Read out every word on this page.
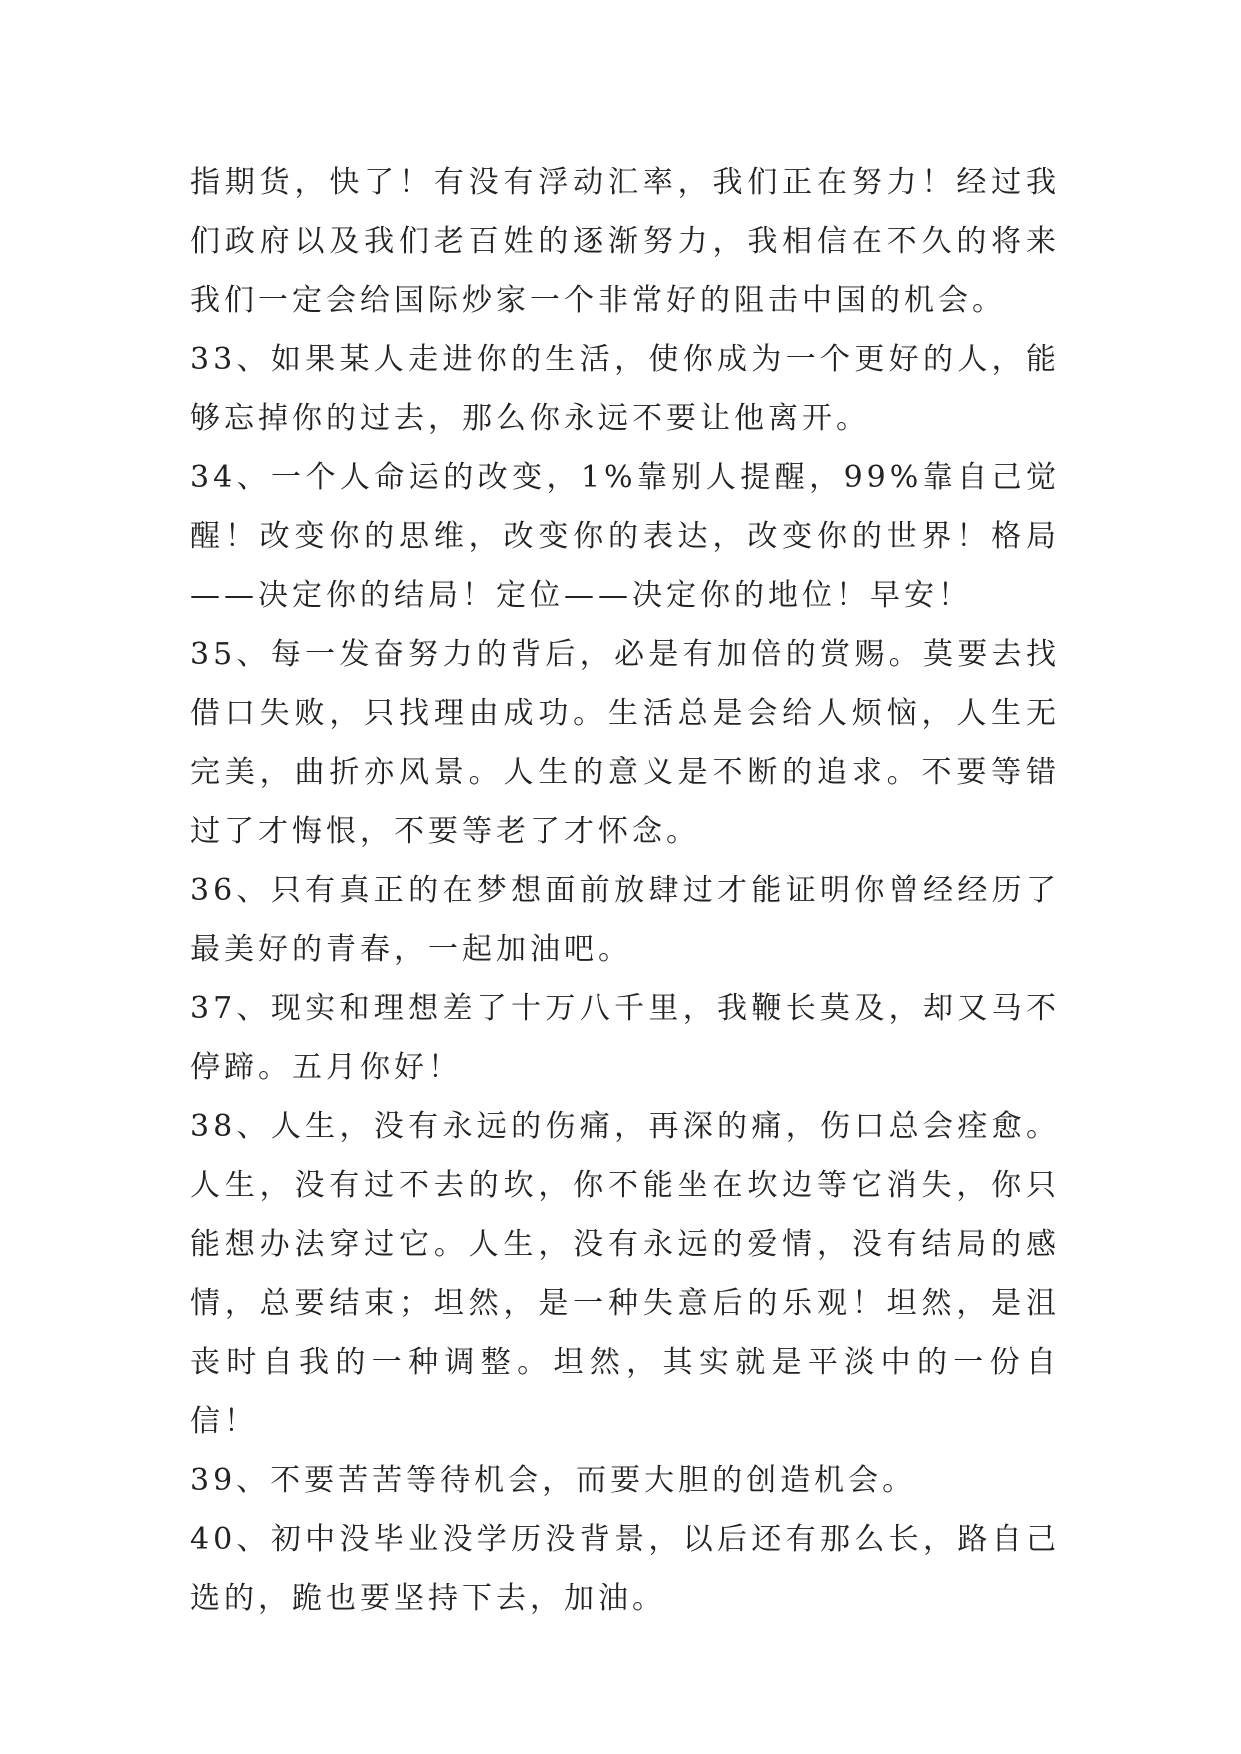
指期货，快了！有没有浮动汇率，我们正在努力！经过我们政府以及我们老百姓的逐渐努力，我相信在不久的将来我们一定会给国际炒家一个非常好的阻击中国的机会。

33、如果某人走进你的生活，使你成为一个更好的人，能够忘掉你的过去，那么你永远不要让他离开。

34、一个人命运的改变，1%靠别人提醒，99%靠自己觉醒！改变你的思维，改变你的表达，改变你的世界！格局——决定你的结局！定位——决定你的地位！早安！

35、每一发奋努力的背后，必是有加倍的赏赐。莫要去找借口失败，只找理由成功。生活总是会给人烦恼，人生无完美，曲折亦风景。人生的意义是不断的追求。不要等错过了才悔恨，不要等老了才怀念。

36、只有真正的在梦想面前放肆过才能证明你曾经经历了最美好的青春，一起加油吧。

37、现实和理想差了十万八千里，我鞭长莫及，却又马不停蹄。五月你好！

38、人生，没有永远的伤痛，再深的痛，伤口总会痊愈。人生，没有过不去的坎，你不能坐在坎边等它消失，你只能想办法穿过它。人生，没有永远的爱情，没有结局的感情，总要结束；坦然，是一种失意后的乐观！坦然，是沮丧时自我的一种调整。坦然，其实就是平淡中的一份自信！

39、不要苦苦等待机会，而要大胆的创造机会。

40、初中没毕业没学历没背景，以后还有那么长，路自己选的，跪也要坚持下去，加油。
